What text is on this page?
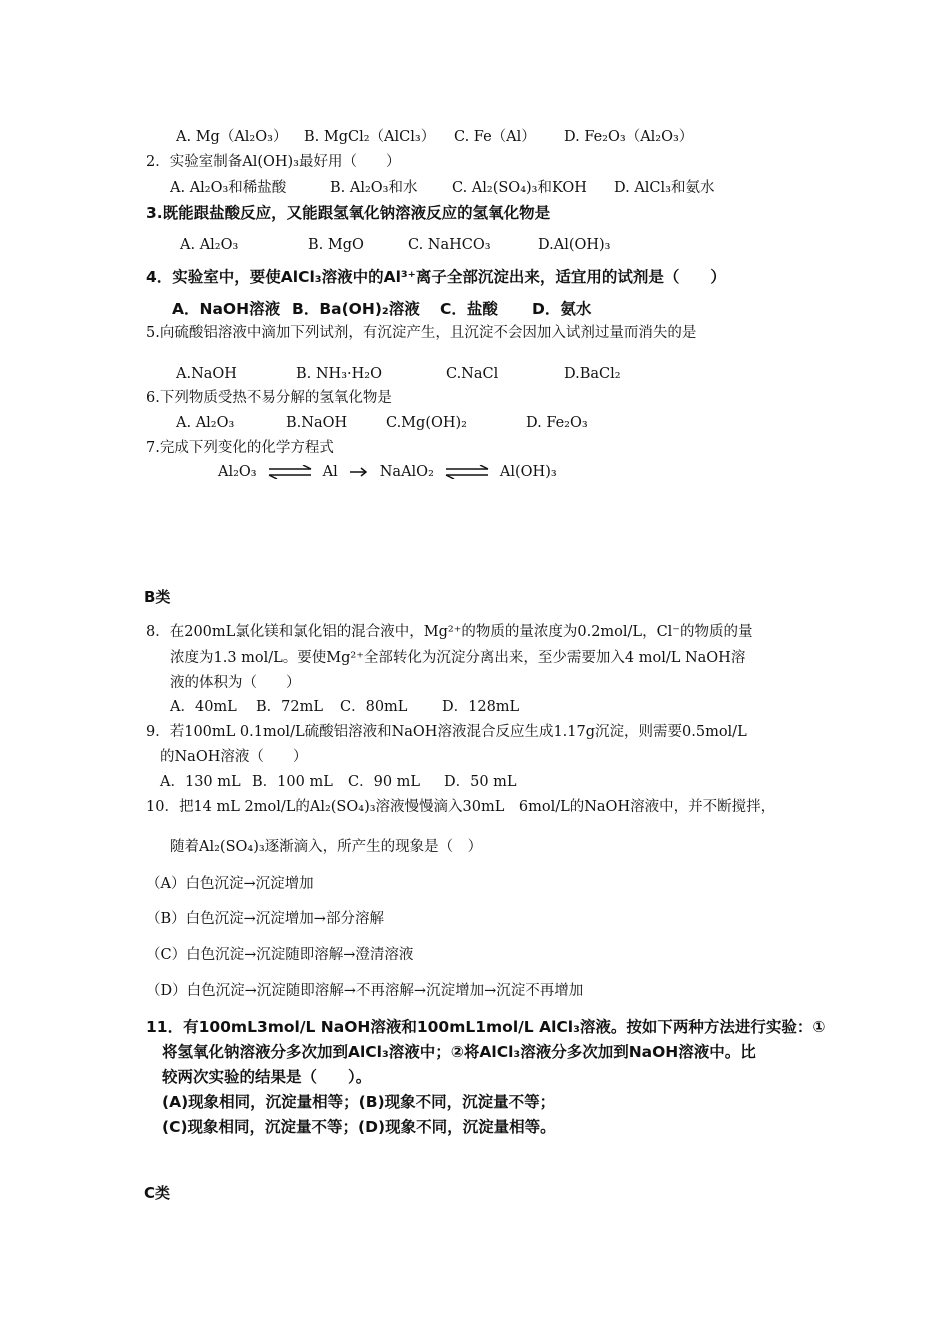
A. Mg（Al₂O₃） B. MgCl₂（AlCl₃） C. Fe（Al） D. Fe₂O₃（Al₂O₃）
2．实验室制备Al(OH)₃最好用（　　）
A. Al₂O₃和稀盐酸	B. Al₂O₃和水 C. Al₂(SO₄)₃和KOH D. AlCl₃和氨水
3.既能跟盐酸反应，又能跟氢氧化钠溶液反应的氢氧化物是
A. Al₂O₃	B. MgO	C. NaHCO₃	D.Al(OH)₃
4．实验室中，要使AlCl₃溶液中的Al³⁺离子全部沉淀出来，适宜用的试剂是（　　）
A．NaOH溶液 B．Ba(OH)₂溶液 C．盐酸 D．氨水
5.向硫酸铝溶液中滴加下列试剂，有沉淀产生，且沉淀不会因加入试剂过量而消失的是
A.NaOH	B. NH₃·H₂O	C.NaCl	D.BaCl₂
6.下列物质受热不易分解的氢氧化物是
A. Al₂O₃	B.NaOH	C.Mg(OH)₂	D. Fe₂O₃
7.完成下列变化的化学方程式
Al₂O₃ ⇌ Al	NaAlO₂ ⇌ Al(OH)₃
B类
8．在200mL氯化镁和氯化铝的混合液中，Mg²⁺的物质的量浓度为0.2mol/L，Cl⁻的物质的量
浓度为1.3 mol/L。要使Mg²⁺全部转化为沉淀分离出来，至少需要加入4 mol/L NaOH溶
液的体积为（　　）
A．40mL B．72mL C．80mL D．128mL
9．若100mL 0.1mol/L硫酸铝溶液和NaOH溶液混合反应生成1.17g沉淀，则需要0.5mol/L
的NaOH溶液（　　）
A．130 mL B．100 mL C．90 mL D．50 mL
10．把14 mL 2mol/L的Al₂(SO₄)₃溶液慢慢滴入30mL　6mol/L的NaOH溶液中，并不断搅拌，
随着Al₂(SO₄)₃逐渐滴入，所产生的现象是（　）
（A）白色沉淀→沉淀增加
（B）白色沉淀→沉淀增加→部分溶解
（C）白色沉淀→沉淀随即溶解→澄清溶液
（D）白色沉淀→沉淀随即溶解→不再溶解→沉淀增加→沉淀不再增加
11．有100mL3mol/L NaOH溶液和100mL1mol/L AlCl₃溶液。按如下两种方法进行实验：①
将氢氧化钠溶液分多次加到AlCl₃溶液中；②将AlCl₃溶液分多次加到NaOH溶液中。比
较两次实验的结果是（　　）。
(A)现象相同，沉淀量相等；(B)现象不同，沉淀量不等；
(C)现象相同，沉淀量不等；(D)现象不同，沉淀量相等。
C类
